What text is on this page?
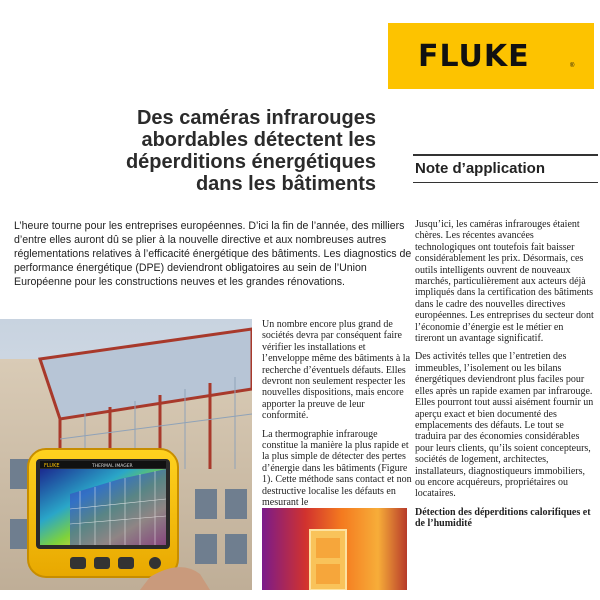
FLUKE	®
Des caméras infrarouges
abordables détectent les
déperditions énergétiques
dans les bâtiments
Note d’application

L’heure tourne pour les entreprises européennes. D’ici la fin de l’année, des milliers d’entre elles auront dû se plier à la nouvelle directive et aux nombreuses autres réglementations relatives à l’efficacité énergétique des bâtiments. Les diagnostics de performance énergétique (DPE) deviendront obligatoires au sein de l’Union Européenne pour les constructions neuves et les grandes rénovations.

FLUKE	THERMAL IMAGER

Un nombre encore plus grand de sociétés devra par conséquent faire vérifier les installations et l’enveloppe même des bâtiments à la recherche d’éventuels défauts. Elles devront non seulement respecter les nouvelles dispositions, mais encore apporter la preuve de leur conformité.

La thermographie infrarouge constitue la manière la plus rapide et la plus simple de détecter des pertes d’énergie dans les bâtiments (Figure 1). Cette méthode sans contact et non destructive localise les défauts en mesurant le

Jusqu’ici, les caméras infrarouges étaient chères. Les récentes avancées technologiques ont toutefois fait baisser considérablement les prix. Désormais, ces outils intelligents ouvrent de nouveaux marchés, particulièrement aux acteurs déjà impliqués dans la certification des bâtiments dans le cadre des nouvelles directives européennes. Les entreprises du secteur dont l’économie d’énergie est le métier en tireront un avantage significatif.

Des activités telles que l’entretien des immeubles, l’isolement ou les bilans énergétiques deviendront plus faciles pour elles après un rapide examen par infrarouge. Elles pourront tout aussi aisément fournir un aperçu exact et bien documenté des emplacements des défauts. Le tout se traduira par des économies considérables pour leurs clients, qu’ils soient concepteurs, sociétés de logement, architectes, installateurs, diagnostiqueurs immobiliers, ou encore acquéreurs, propriétaires ou locataires.

Détection des déperditions calorifiques et de l’humidité
